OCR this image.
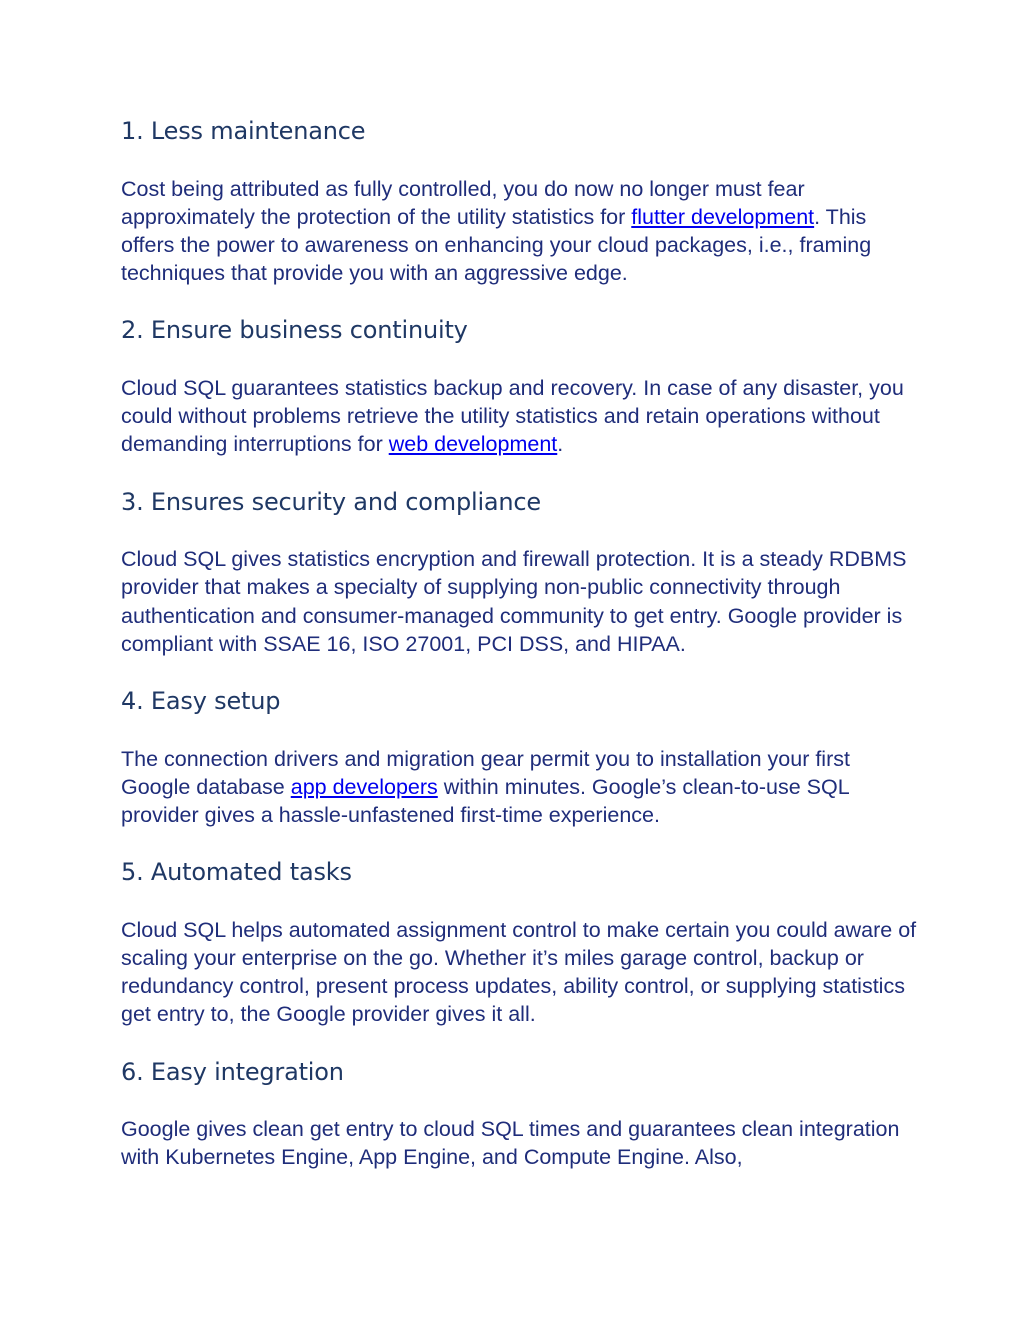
1. Less maintenance

Cost being attributed as fully controlled, you do now no longer must fear approximately the protection of the utility statistics for flutter development. This offers the power to awareness on enhancing your cloud packages, i.e., framing techniques that provide you with an aggressive edge.

2. Ensure business continuity

Cloud SQL guarantees statistics backup and recovery. In case of any disaster, you could without problems retrieve the utility statistics and retain operations without demanding interruptions for web development.

3. Ensures security and compliance

Cloud SQL gives statistics encryption and firewall protection. It is a steady RDBMS provider that makes a specialty of supplying non-public connectivity through authentication and consumer-managed community to get entry. Google provider is compliant with SSAE 16, ISO 27001, PCI DSS, and HIPAA.

4. Easy setup

The connection drivers and migration gear permit you to installation your first Google database app developers within minutes. Google’s clean-to-use SQL provider gives a hassle-unfastened first-time experience.

5. Automated tasks

Cloud SQL helps automated assignment control to make certain you could aware of scaling your enterprise on the go. Whether it’s miles garage control, backup or redundancy control, present process updates, ability control, or supplying statistics get entry to, the Google provider gives it all.

6. Easy integration

Google gives clean get entry to cloud SQL times and guarantees clean integration with Kubernetes Engine, App Engine, and Compute Engine. Also,
